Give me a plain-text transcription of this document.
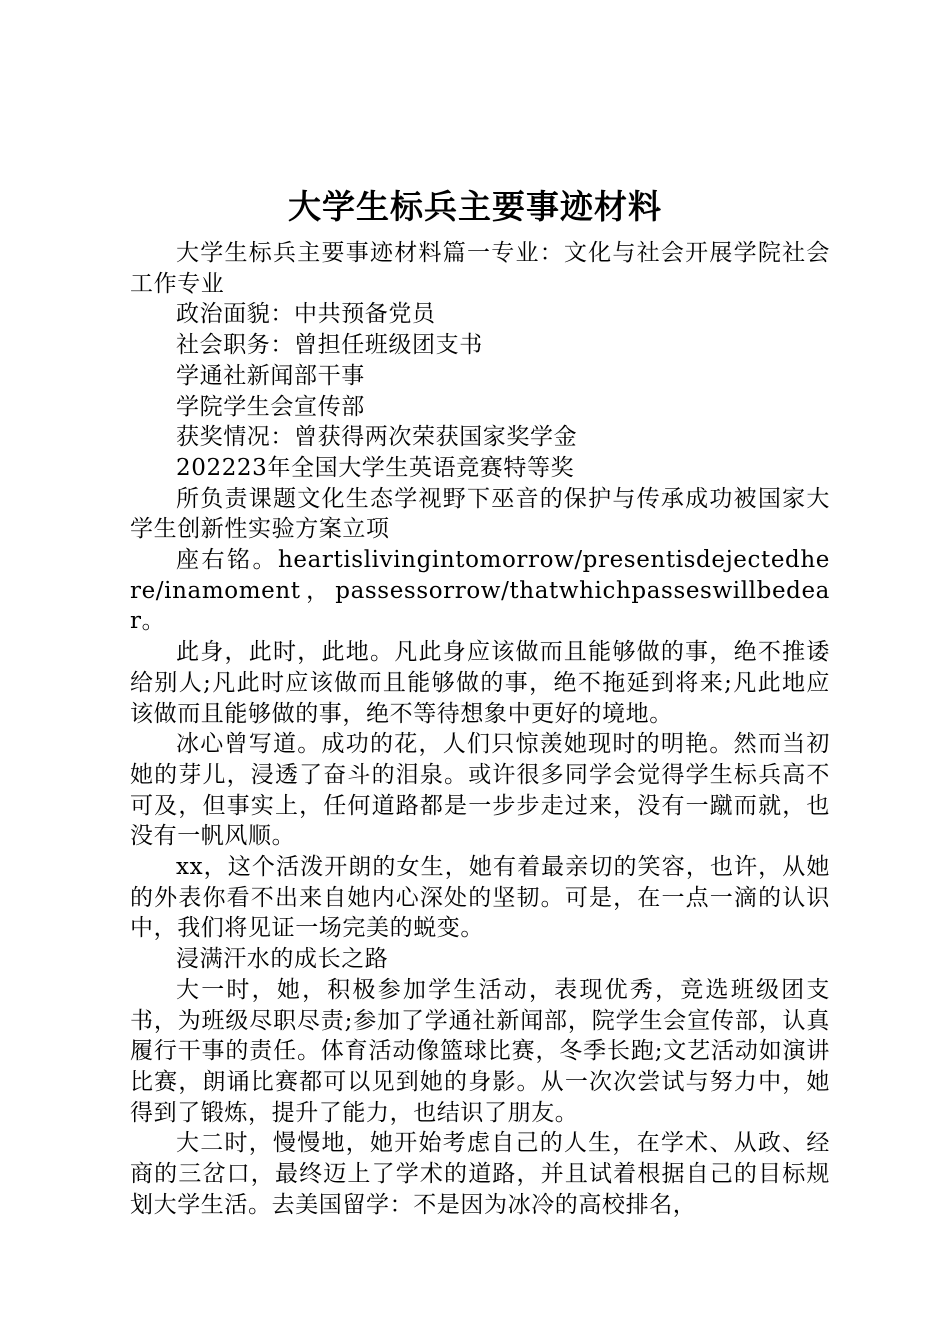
大学生标兵主要事迹材料

大学生标兵主要事迹材料篇一专业：文化与社会开展学院社会工作专业

政治面貌：中共预备党员

社会职务：曾担任班级团支书

学通社新闻部干事

学院学生会宣传部

获奖情况：曾获得两次荣获国家奖学金

202223年全国大学生英语竞赛特等奖

所负责课题文化生态学视野下巫音的保护与传承成功被国家大学生创新性实验方案立项

座右铭。heartislivingintomorrow/presentisdejectedhere/inamoment，passessorrow/thatwhichpasseswillbedear。

此身，此时，此地。凡此身应该做而且能够做的事，绝不推诿给别人;凡此时应该做而且能够做的事，绝不拖延到将来;凡此地应该做而且能够做的事，绝不等待想象中更好的境地。

冰心曾写道。成功的花，人们只惊羡她现时的明艳。然而当初她的芽儿，浸透了奋斗的泪泉。或许很多同学会觉得学生标兵高不可及，但事实上，任何道路都是一步步走过来，没有一蹴而就，也没有一帆风顺。

xx，这个活泼开朗的女生，她有着最亲切的笑容，也许，从她的外表你看不出来自她内心深处的坚韧。可是，在一点一滴的认识中，我们将见证一场完美的蜕变。

浸满汗水的成长之路

大一时，她，积极参加学生活动，表现优秀，竞选班级团支书，为班级尽职尽责;参加了学通社新闻部，院学生会宣传部，认真履行干事的责任。体育活动像篮球比赛，冬季长跑;文艺活动如演讲比赛，朗诵比赛都可以见到她的身影。从一次次尝试与努力中，她得到了锻炼，提升了能力，也结识了朋友。

大二时，慢慢地，她开始考虑自己的人生，在学术、从政、经商的三岔口，最终迈上了学术的道路，并且试着根据自己的目标规划大学生活。去美国留学：不是因为冰冷的高校排名，
